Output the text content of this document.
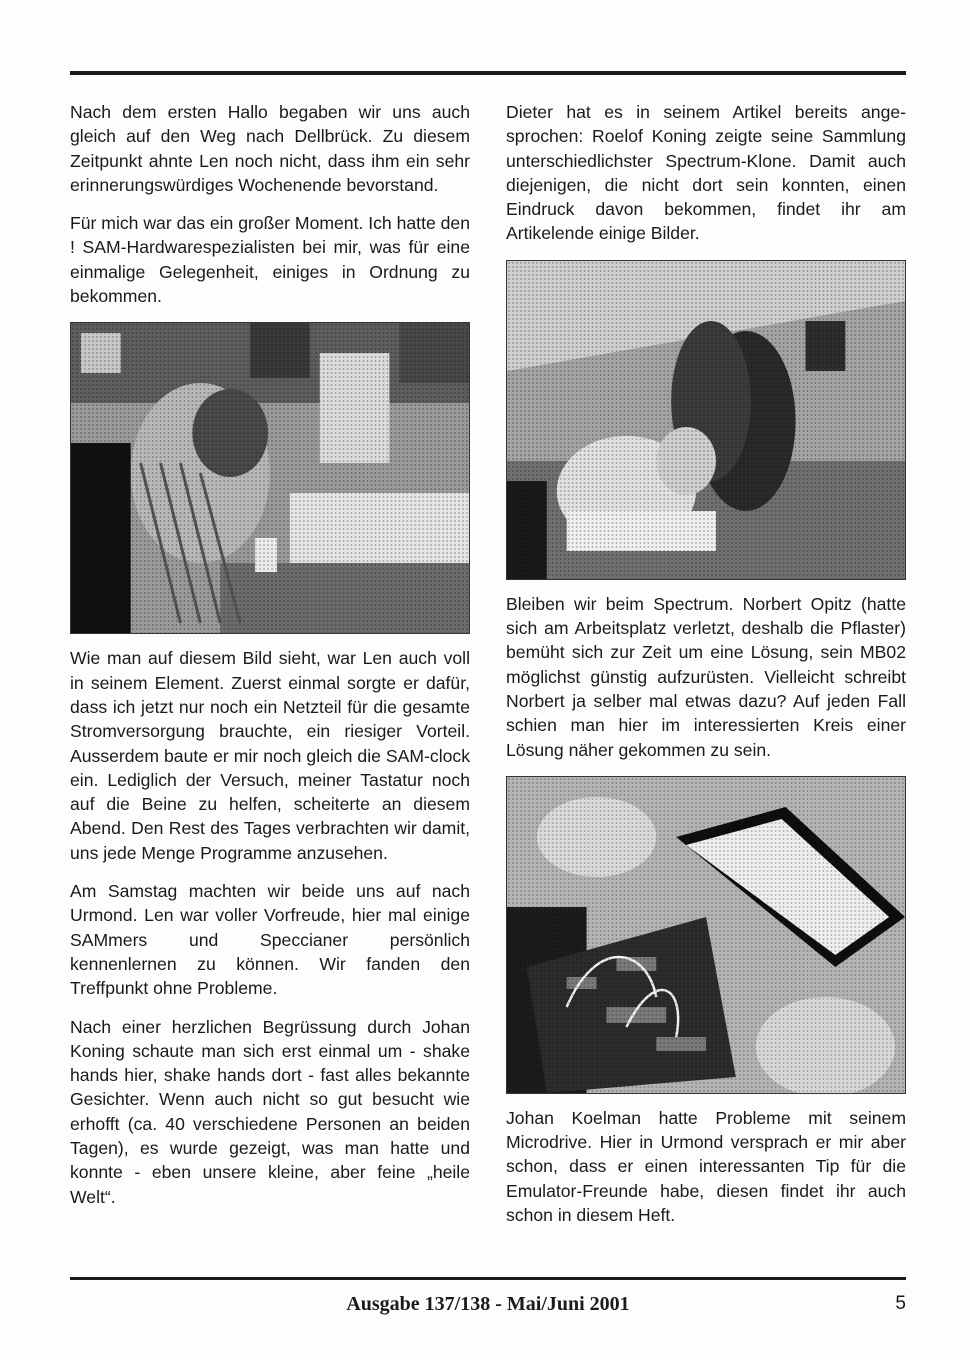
Nach dem ersten Hallo begaben wir uns auch gleich auf den Weg nach Dellbrück. Zu diesem Zeitpunkt ahnte Len noch nicht, dass ihm ein sehr erinnerungswürdiges Wochenende bevorstand.

Für mich war das ein großer Moment. Ich hatte den ! SAM-Hardwarespezialisten bei mir, was für eine einmalige Gelegenheit, einiges in Ordnung zu bekommen.

Wie man auf diesem Bild sieht, war Len auch voll in seinem Element. Zuerst einmal sorgte er dafür, dass ich jetzt nur noch ein Netzteil für die gesamte Stromversorgung brauchte, ein riesiger Vorteil. Ausserdem baute er mir noch gleich die SAM-clock ein. Lediglich der Versuch, meiner Tastatur noch auf die Beine zu helfen, scheiterte an diesem Abend. Den Rest des Tages verbrachten wir damit, uns jede Menge Programme anzusehen.

Am Samstag machten wir beide uns auf nach Urmond. Len war voller Vorfreude, hier mal einige SAMmers und Speccianer persönlich kennenlernen zu können. Wir fanden den Treffpunkt ohne Probleme.

Nach einer herzlichen Begrüssung durch Johan Koning schaute man sich erst einmal um - shake hands hier, shake hands dort - fast alles bekannte Gesichter. Wenn auch nicht so gut besucht wie erhofft (ca. 40 verschiedene Personen an beiden Tagen), es wurde gezeigt, was man hatte und konnte - eben unsere kleine, aber feine „heile Welt“.

Dieter hat es in seinem Artikel bereits angesprochen: Roelof Koning zeigte seine Sammlung unterschiedlichster Spectrum-Klone. Damit auch diejenigen, die nicht dort sein konnten, einen Eindruck davon bekommen, findet ihr am Artikelende einige Bilder.

Bleiben wir beim Spectrum. Norbert Opitz (hatte sich am Arbeitsplatz verletzt, deshalb die Pflaster) bemüht sich zur Zeit um eine Lösung, sein MB02 möglichst günstig aufzurüsten. Vielleicht schreibt Norbert ja selber mal etwas dazu? Auf jeden Fall schien man hier im interessierten Kreis einer Lösung näher gekommen zu sein.

Johan Koelman hatte Probleme mit seinem Microdrive. Hier in Urmond versprach er mir aber schon, dass er einen interessanten Tip für die Emulator-Freunde habe, diesen findet ihr auch schon in diesem Heft.

Ausgabe 137/138 - Mai/Juni 2001	5
